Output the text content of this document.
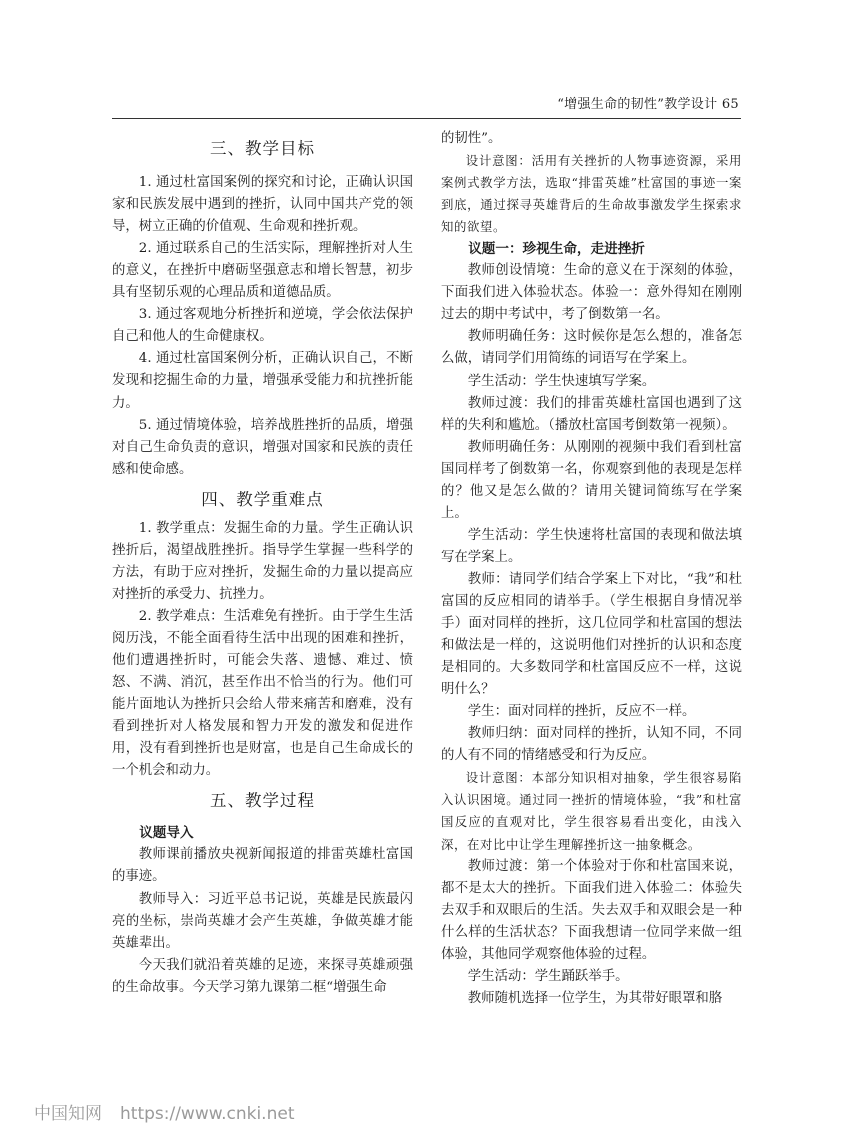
“增强生命的韧性”教学设计 65
三、教学目标

1. 通过杜富国案例的探究和讨论，正确认识国家和民族发展中遇到的挫折，认同中国共产党的领导，树立正确的价值观、生命观和挫折观。

2. 通过联系自己的生活实际，理解挫折对人生的意义，在挫折中磨砺坚强意志和增长智慧，初步具有坚韧乐观的心理品质和道德品质。

3. 通过客观地分析挫折和逆境，学会依法保护自己和他人的生命健康权。

4. 通过杜富国案例分析，正确认识自己，不断发现和挖掘生命的力量，增强承受能力和抗挫折能力。

5. 通过情境体验，培养战胜挫折的品质，增强对自己生命负责的意识，增强对国家和民族的责任感和使命感。

四、教学重难点

1. 教学重点：发掘生命的力量。学生正确认识挫折后，渴望战胜挫折。指导学生掌握一些科学的方法，有助于应对挫折，发掘生命的力量以提高应对挫折的承受力、抗挫力。

2. 教学难点：生活难免有挫折。由于学生生活阅历浅，不能全面看待生活中出现的困难和挫折，他们遭遇挫折时，可能会失落、遗憾、难过、愤怒、不满、消沉，甚至作出不恰当的行为。他们可能片面地认为挫折只会给人带来痛苦和磨难，没有看到挫折对人格发展和智力开发的激发和促进作用，没有看到挫折也是财富，也是自己生命成长的一个机会和动力。

五、教学过程
议题导入

教师课前播放央视新闻报道的排雷英雄杜富国的事迹。

教师导入：习近平总书记说，英雄是民族最闪亮的坐标，崇尚英雄才会产生英雄，争做英雄才能英雄辈出。

今天我们就沿着英雄的足迹，来探寻英雄顽强的生命故事。今天学习第九课第二框“增强生命

的韧性”。

设计意图：活用有关挫折的人物事迹资源，采用案例式教学方法，选取“排雷英雄”杜富国的事迹一案到底，通过探寻英雄背后的生命故事激发学生探索求知的欲望。

议题一：珍视生命，走进挫折

教师创设情境：生命的意义在于深刻的体验，下面我们进入体验状态。体验一：意外得知在刚刚过去的期中考试中，考了倒数第一名。

教师明确任务：这时候你是怎么想的，准备怎么做，请同学们用简练的词语写在学案上。

学生活动：学生快速填写学案。

教师过渡：我们的排雷英雄杜富国也遇到了这样的失利和尴尬。（播放杜富国考倒数第一视频）。

教师明确任务：从刚刚的视频中我们看到杜富国同样考了倒数第一名，你观察到他的表现是怎样的？他又是怎么做的？请用关键词简练写在学案上。

学生活动：学生快速将杜富国的表现和做法填写在学案上。

教师：请同学们结合学案上下对比，“我”和杜富国的反应相同的请举手。（学生根据自身情况举手）面对同样的挫折，这几位同学和杜富国的想法和做法是一样的，这说明他们对挫折的认识和态度是相同的。大多数同学和杜富国反应不一样，这说明什么？

学生：面对同样的挫折，反应不一样。

教师归纳：面对同样的挫折，认知不同，不同的人有不同的情绪感受和行为反应。

设计意图：本部分知识相对抽象，学生很容易陷入认识困境。通过同一挫折的情境体验，“我”和杜富国反应的直观对比，学生很容易看出变化，由浅入深，在对比中让学生理解挫折这一抽象概念。

教师过渡：第一个体验对于你和杜富国来说，都不是太大的挫折。下面我们进入体验二：体验失去双手和双眼后的生活。失去双手和双眼会是一种什么样的生活状态？下面我想请一位同学来做一组体验，其他同学观察他体验的过程。

学生活动：学生踊跃举手。

教师随机选择一位学生，为其带好眼罩和胳

中国知网 https://www.cnki.net
